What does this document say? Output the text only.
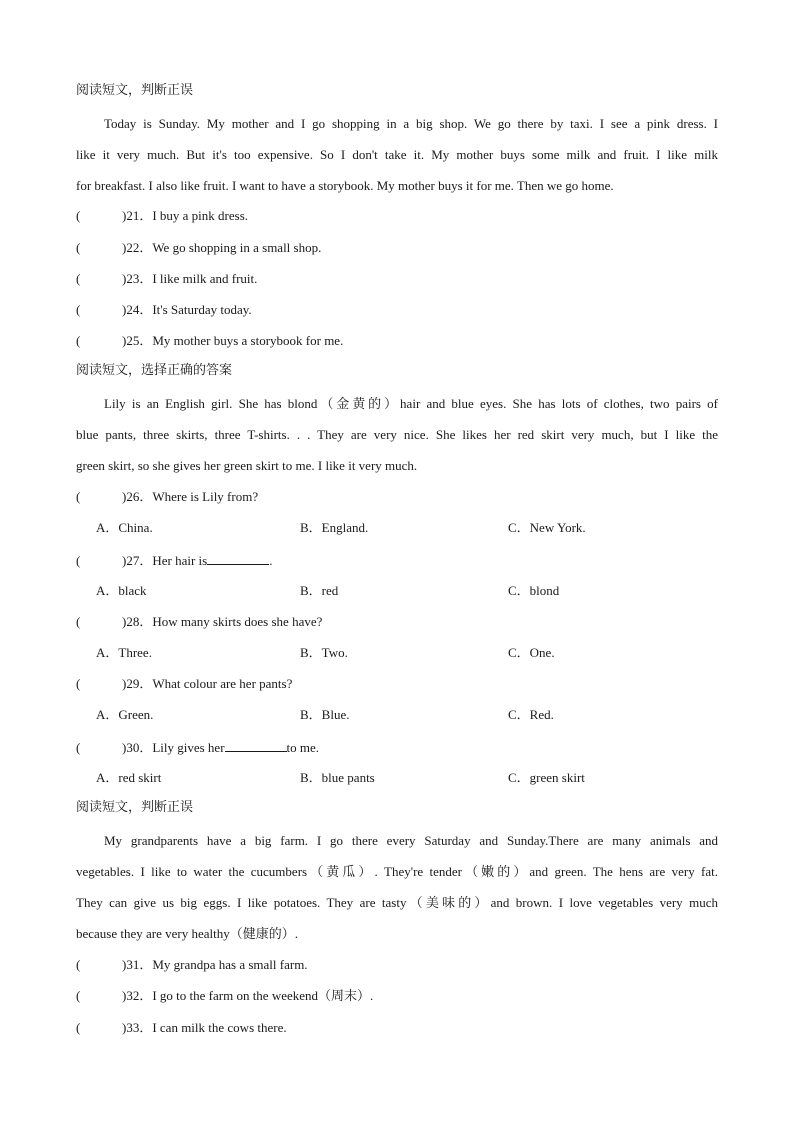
阅读短文，判断正误
Today is Sunday. My mother and I go shopping in a big shop. We go there by taxi. I see a pink dress. I
like it very much. But it's too expensive. So I don't take it. My mother buys some milk and fruit. I like milk
for breakfast. I also like fruit. I want to have a storybook. My mother buys it for me. Then we go home.
(	)21．I buy a pink dress.
(	)22．We go shopping in a small shop.
(	)23．I like milk and fruit.
(	)24．It's Saturday today.
(	)25．My mother buys a storybook for me.
阅读短文，选择正确的答案
Lily is an English girl. She has blond（金黄的）hair and blue eyes. She has lots of clothes, two pairs of
blue pants, three skirts, three T-shirts. . . They are very nice. She likes her red skirt very much, but I like the
green skirt, so she gives her green skirt to me. I like it very much.
(	)26．Where is Lily from?
A．China.	B．England.	C．New York.
(	)27．Her hair is	.
A．black	B．red	C．blond
(	)28．How many skirts does she have?
A．Three.	B．Two.	C．One.
(	)29．What colour are her pants?
A．Green.	B．Blue.	C．Red.
(	)30．Lily gives her	to me.
A．red skirt	B．blue pants	C．green skirt
阅读短文，判断正误
My grandparents have a big farm. I go there every Saturday and Sunday.There are many animals and
vegetables. I like to water the cucumbers（黄瓜）. They're tender（嫩的）and green. The hens are very fat.
They can give us big eggs. I like potatoes. They are tasty（美味的）and brown. I love vegetables very much
because they are very healthy（健康的）.
(	)31．My grandpa has a small farm.
(	)32．I go to the farm on the weekend（周末）.
(	)33．I can milk the cows there.
